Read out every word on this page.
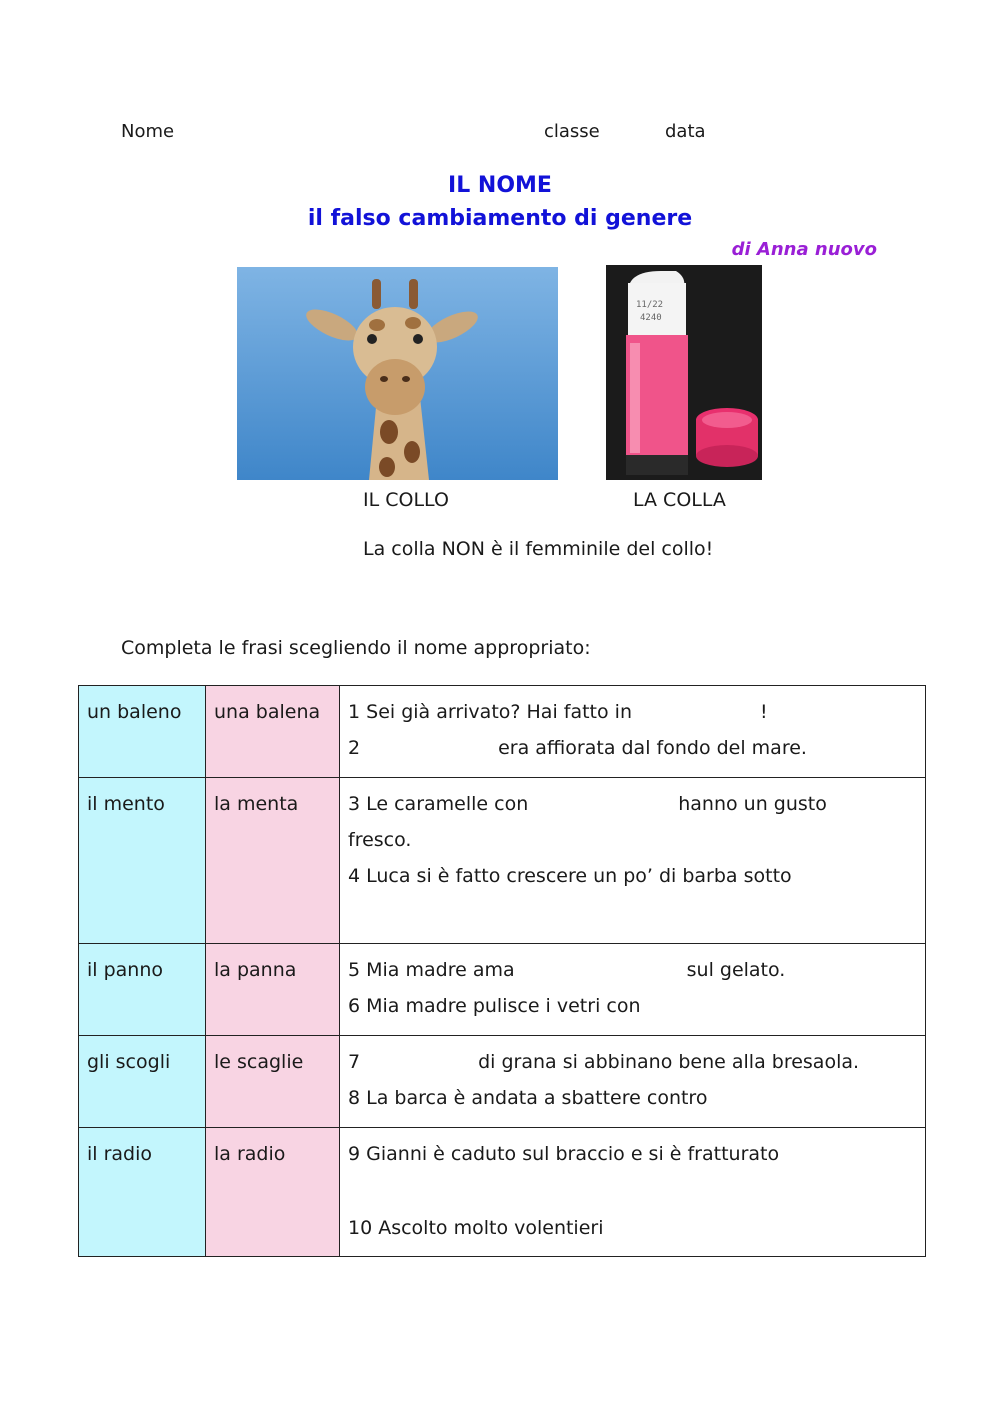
Nome	classe	data
IL NOME
il falso cambiamento di genere
di Anna nuovo
11/22
4240
IL COLLO	LA COLLA
La colla NON è il femminile del collo!
Completa le frasi scegliendo il nome appropriato:
un baleno	una balena	1 Sei già arrivato? Hai fatto in !
2 era affiorata dal fondo del mare.

il mento	la menta	3 Le caramelle con hanno un gusto
fresco.
4 Luca si è fatto crescere un po’ di barba sotto

il panno	la panna	5 Mia madre ama sul gelato.
6 Mia madre pulisce i vetri con

gli scogli	le scaglie	7 di grana si abbinano bene alla bresaola.
8 La barca è andata a sbattere contro

il radio	la radio	9 Gianni è caduto sul braccio e si è fratturato
10 Ascolto molto volentieri
